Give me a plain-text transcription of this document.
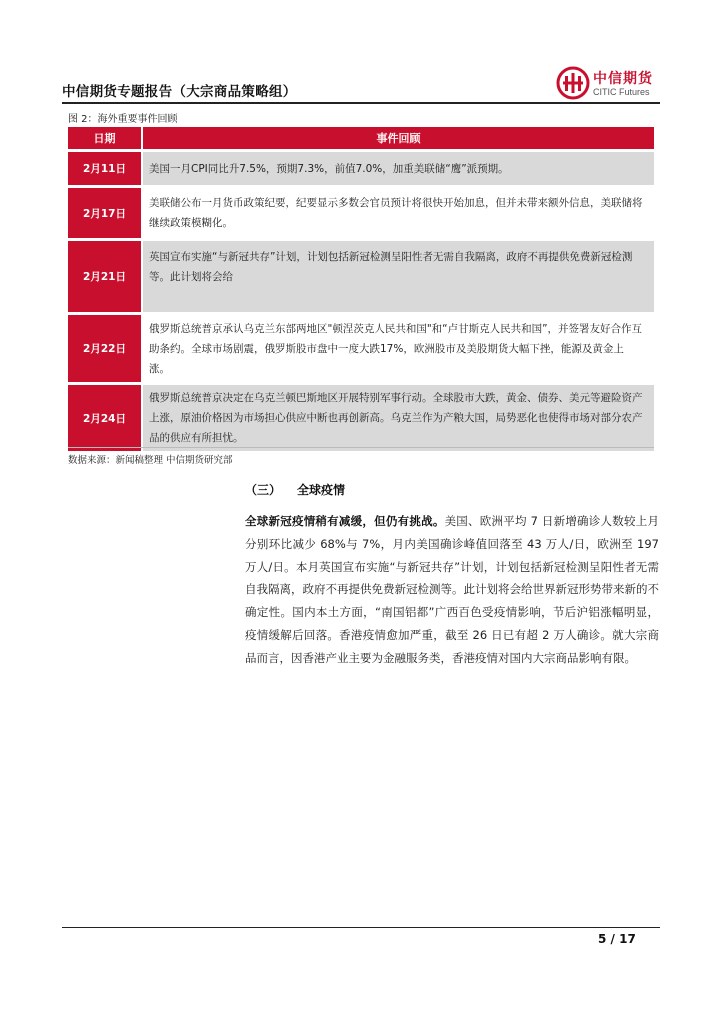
中信期货专题报告（大宗商品策略组）
中信期货
CITIC Futures
图 2：海外重要事件回顾
日期	事件回顾
2月11日	美国一月CPI同比升7.5%，预期7.3%，前值7.0%，加重美联储“鹰”派预期。
2月17日
美联储公布一月货币政策纪要，纪要显示多数会官员预计将很快开始加息，但并未带来额外信息，美联储将继续政策模糊化。
2月21日
英国宣布实施“与新冠共存”计划，计划包括新冠检测呈阳性者无需自我隔离，政府不再提供免费新冠检测等。此计划将会给
2月22日
俄罗斯总统普京承认乌克兰东部两地区"顿涅茨克人民共和国"和“卢甘斯克人民共和国”，并签署友好合作互助条约。全球市场剧震，俄罗斯股市盘中一度大跌17%，欧洲股市及美股期货大幅下挫，能源及黄金上涨。
2月24日
俄罗斯总统普京决定在乌克兰顿巴斯地区开展特别军事行动。全球股市大跌，黄金、债券、美元等避险资产上涨，原油价格因为市场担心供应中断也再创新高。乌克兰作为产粮大国，局势恶化也使得市场对部分农产品的供应有所担忧。
数据来源：新闻稿整理 中信期货研究部
（三） 全球疫情
全球新冠疫情稍有减缓，但仍有挑战。美国、欧洲平均 7 日新增确诊人数较上月分别环比减少 68%与 7%，月内美国确诊峰值回落至 43 万人/日，欧洲至 197 万人/日。本月英国宣布实施“与新冠共存”计划，计划包括新冠检测呈阳性者无需自我隔离，政府不再提供免费新冠检测等。此计划将会给世界新冠形势带来新的不确定性。国内本土方面，“南国铝都”广西百色受疫情影响，节后沪铝涨幅明显，疫情缓解后回落。香港疫情愈加严重，截至 26 日已有超 2 万人确诊。就大宗商品而言，因香港产业主要为金融服务类，香港疫情对国内大宗商品影响有限。
5 / 17
